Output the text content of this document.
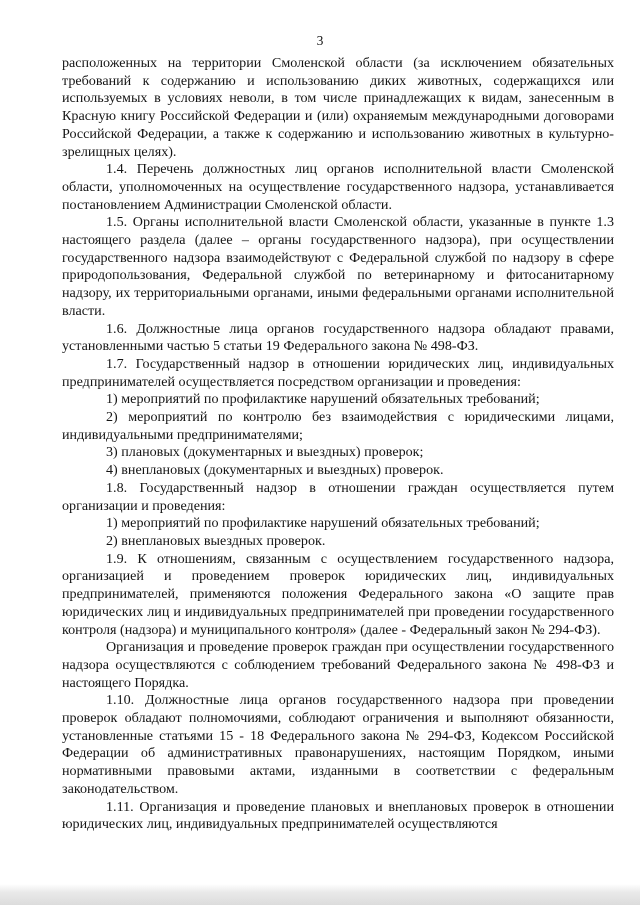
3

расположенных на территории Смоленской области (за исключением обязательных требований к содержанию и использованию диких животных, содержащихся или используемых в условиях неволи, в том числе принадлежащих к видам, занесенным в Красную книгу Российской Федерации и (или) охраняемым международными договорами Российской Федерации, а также к содержанию и использованию животных в культурно-зрелищных целях).

1.4. Перечень должностных лиц органов исполнительной власти Смоленской области, уполномоченных на осуществление государственного надзора, устанавливается постановлением Администрации Смоленской области.

1.5. Органы исполнительной власти Смоленской области, указанные в пункте 1.3 настоящего раздела (далее – органы государственного надзора), при осуществлении государственного надзора взаимодействуют с Федеральной службой по надзору в сфере природопользования, Федеральной службой по ветеринарному и фитосанитарному надзору, их территориальными органами, иными федеральными органами исполнительной власти.

1.6. Должностные лица органов государственного надзора обладают правами, установленными частью 5 статьи 19 Федерального закона № 498-ФЗ.

1.7. Государственный надзор в отношении юридических лиц, индивидуальных предпринимателей осуществляется посредством организации и проведения:

1) мероприятий по профилактике нарушений обязательных требований;

2) мероприятий по контролю без взаимодействия с юридическими лицами, индивидуальными предпринимателями;

3) плановых (документарных и выездных) проверок;

4) внеплановых (документарных и выездных) проверок.

1.8. Государственный надзор в отношении граждан осуществляется путем организации и проведения:

1) мероприятий по профилактике нарушений обязательных требований;

2) внеплановых выездных проверок.

1.9. К отношениям, связанным с осуществлением государственного надзора, организацией и проведением проверок юридических лиц, индивидуальных предпринимателей, применяются положения Федерального закона «О защите прав юридических лиц и индивидуальных предпринимателей при проведении государственного контроля (надзора) и муниципального контроля» (далее - Федеральный закон № 294-ФЗ).

Организация и проведение проверок граждан при осуществлении государственного надзора осуществляются с соблюдением требований Федерального закона № 498-ФЗ и настоящего Порядка.

1.10. Должностные лица органов государственного надзора при проведении проверок обладают полномочиями, соблюдают ограничения и выполняют обязанности, установленные статьями 15 - 18 Федерального закона № 294-ФЗ, Кодексом Российской Федерации об административных правонарушениях, настоящим Порядком, иными нормативными правовыми актами, изданными в соответствии с федеральным законодательством.

1.11. Организация и проведение плановых и внеплановых проверок в отношении юридических лиц, индивидуальных предпринимателей осуществляются
